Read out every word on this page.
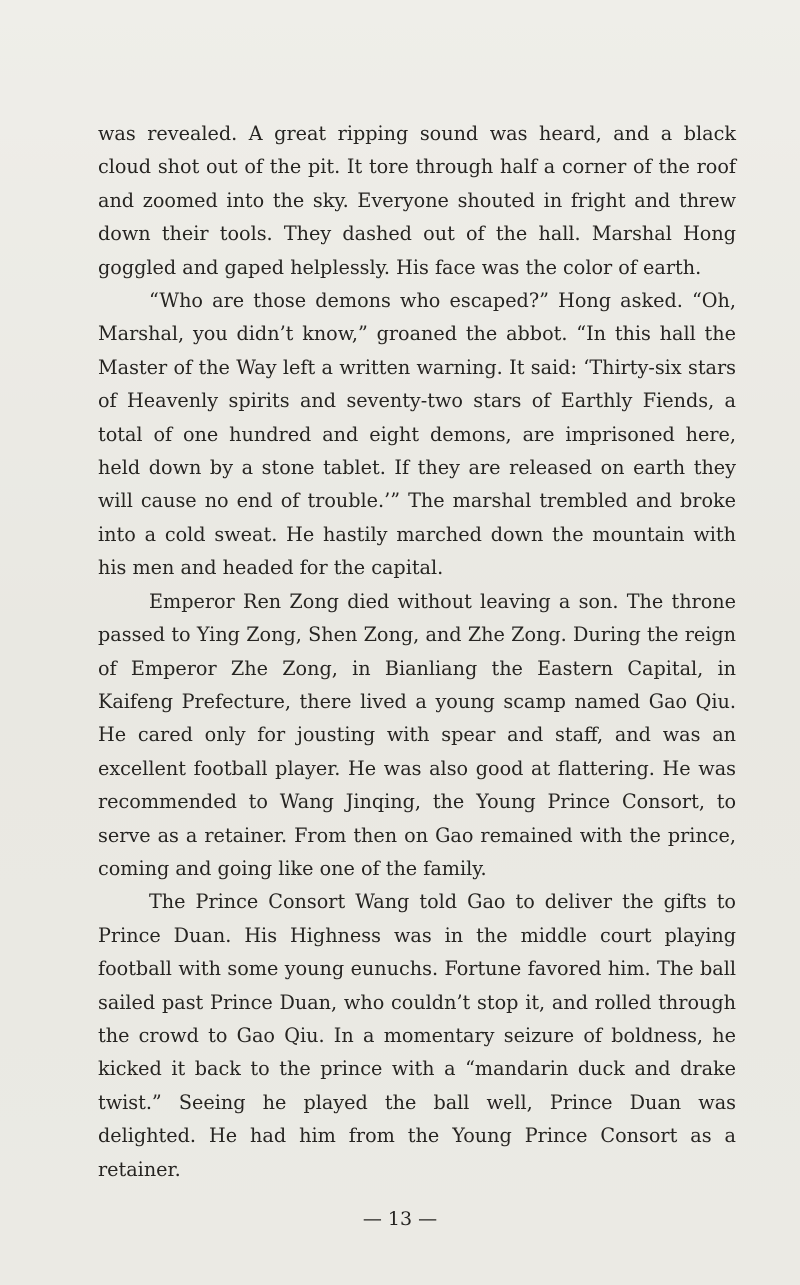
was revealed. A great ripping sound was heard, and a black cloud shot out of the pit. It tore through half a corner of the roof and zoomed into the sky. Everyone shouted in fright and threw down their tools. They dashed out of the hall. Marshal Hong goggled and gaped helplessly. His face was the color of earth.

“Who are those demons who escaped?” Hong asked. “Oh, Marshal, you didn’t know,” groaned the abbot. “In this hall the Master of the Way left a written warning. It said: ‘Thirty-six stars of Heavenly spirits and seventy-two stars of Earthly Fiends, a total of one hundred and eight demons, are imprisoned here, held down by a stone tablet. If they are released on earth they will cause no end of trouble.’” The marshal trembled and broke into a cold sweat. He hastily marched down the mountain with his men and headed for the capital.

Emperor Ren Zong died without leaving a son. The throne passed to Ying Zong, Shen Zong, and Zhe Zong. During the reign of Emperor Zhe Zong, in Bianliang the Eastern Capital, in Kaifeng Prefecture, there lived a young scamp named Gao Qiu. He cared only for jousting with spear and staff, and was an excellent football player. He was also good at flattering. He was recommended to Wang Jinqing, the Young Prince Consort, to serve as a retainer. From then on Gao remained with the prince, coming and going like one of the family.

The Prince Consort Wang told Gao to deliver the gifts to Prince Duan. His Highness was in the middle court playing football with some young eunuchs. Fortune favored him. The ball sailed past Prince Duan, who couldn’t stop it, and rolled through the crowd to Gao Qiu. In a momentary seizure of boldness, he kicked it back to the prince with a “mandarin duck and drake twist.” Seeing he played the ball well, Prince Duan was delighted. He had him from the Young Prince Consort as a retainer.

— 13 —
